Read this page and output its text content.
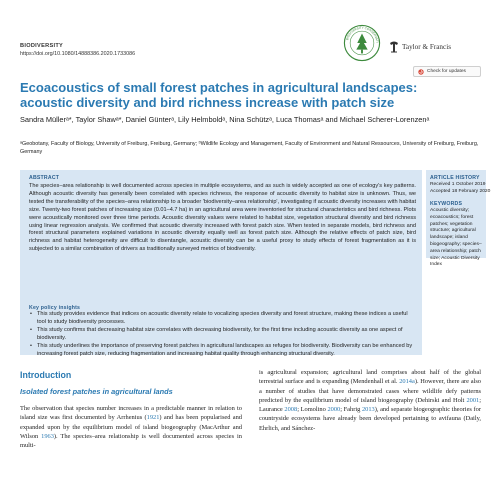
BIODIVERSITY
https://doi.org/10.1080/14888386.2020.1733086
BIODIVERSITY CONSERVATI
Taylor & Francis
Check for updates
Ecoacoustics of small forest patches in agricultural landscapes: acoustic diversity and bird richness increase with patch size
Sandra Müllerᵃ*, Taylor Shawᵃ*, Daniel Günterᵃ, Lily Helmboldᵃ, Nina Schützᵃ, Luca Thomasᵃ and Michael Scherer-Lorenzenᵃ
ᵃGeobotany, Faculty of Biology, University of Freiburg, Freiburg, Germany; ᵇWildlife Ecology and Management, Faculty of Environment and Natural Ressources, University of Freiburg, Freiburg, Germany
ABSTRACT
The species–area relationship is well documented across species in multiple ecosystems, and as such is widely accepted as one of ecology's key patterns. Although acoustic diversity has generally been correlated with species richness, the response of acoustic diversity to habitat size is unknown. Thus, we tested the transferability of the species–area relationship to a broader 'biodiversity–area relationship', investigating if acoustic diversity increases with habitat size. Twenty-two forest patches of increasing size (0.01–4.7 ha) in an agricultural area were inventoried for structural characteristics and bird richness. Plots were acoustically monitored over three time periods. Acoustic diversity values were related to habitat size, vegetation structural diversity and bird richness using linear regression analysis. We confirmed that acoustic diversity increased with forest patch size. When tested in separate models, bird richness and forest structural parameters explained variations in acoustic diversity equally well as forest patch size. Although the relative effects of patch size, bird richness and habitat heterogeneity are difficult to disentangle, acoustic diversity can be a useful proxy to study effects of forest fragmentation as it is subjected to a similar combination of drivers as traditionally surveyed metrics of biodiversity.
Key policy insights
• This study provides evidence that indices on acoustic diversity relate to vocalizing species diversity and forest structure, making these indices a useful tool to study biodiversity processes.
• This study confirms that decreasing habitat size correlates with decreasing biodiversity, for the first time including acoustic diversity as one aspect of biodiversity.
• This study underlines the importance of preserving forest patches in agricultural landscapes as refuges for biodiversity. Biodiversity can be enhanced by increasing forest patch size, reducing fragmentation and increasing habitat quality through enhancing structural diversity.
ARTICLE HISTORY
Received 1 October 2019
Accepted 18 February 2020
KEYWORDS
Acoustic diversity; ecoacoustics; forest patches; vegetation structure; agricultural landscape; island biogeography; species–area relationship; patch size; Acoustic Diversity Index
Introduction
Isolated forest patches in agricultural lands
The observation that species number increases in a predictable manner in relation to island size was first documented by Arrhenius (1921) and has been popularised and expanded upon by the equilibrium model of island biogeography (MacArthur and Wilson 1963). The species–area relationship is well documented across species in multi-
is agricultural expansion; agricultural land comprises about half of the global terrestrial surface and is expanding (Mendenhall et al. 2014a). However, there are also a number of studies that have demonstrated cases where wildlife defy patterns predicted by the equilibrium model of island biogeography (Dehirski and Holt 2001; Laurance 2008; Lomolino 2000; Fahrig 2013), and separate biogeographic theories for countryside ecosystems have already been developed pertaining to avifauna (Daily, Ehrlich, and Sánchez-
